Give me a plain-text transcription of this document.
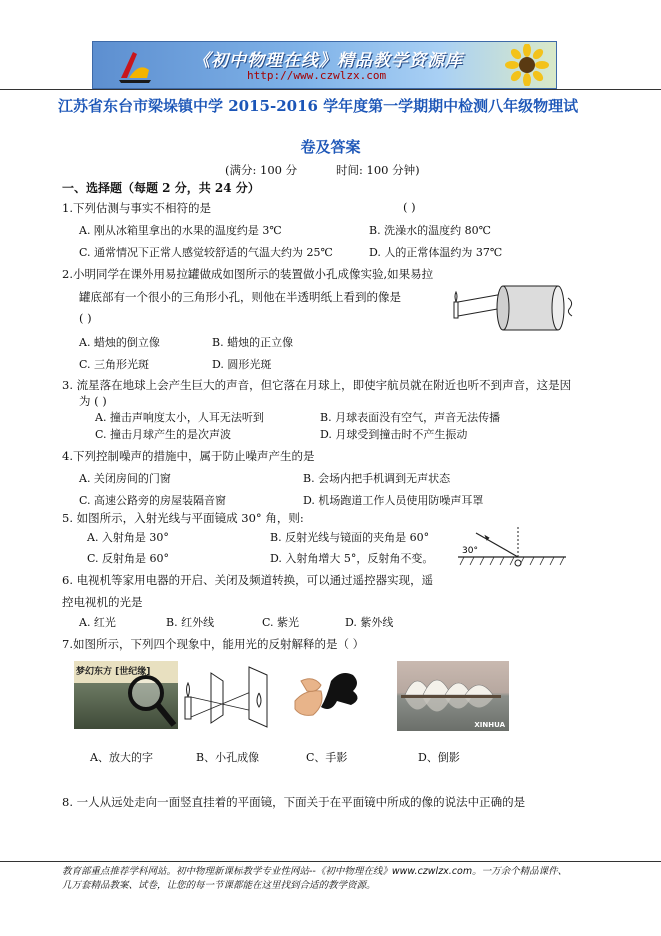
《初中物理在线》精品教学资源库
http://www.czwlzx.com
江苏省东台市梁垛镇中学 2015-2016 学年度第一学期期中检测八年级物理试
卷及答案
(满分: 100 分	时间: 100 分钟)
一、选择题（每题 2 分，共 24 分）
1.下列估测与事实不相符的是	( )
A. 刚从冰箱里拿出的水果的温度约是 3℃	B. 洗澡水的温度约 80℃
C. 通常情况下正常人感觉较舒适的气温大约为 25℃	D. 人的正常体温约为 37℃
2.小明同学在课外用易拉罐做成如图所示的装置做小孔成像实验,如果易拉
罐底部有一个很小的三角形小孔，则他在半透明纸上看到的像是
( )
A. 蜡烛的倒立像	B. 蜡烛的正立像
C. 三角形光斑	D. 圆形光斑
3. 流星落在地球上会产生巨大的声音，但它落在月球上，即使宇航员就在附近也听不到声音，这是因
为 ( )
A. 撞击声响度太小，人耳无法听到	B. 月球表面没有空气，声音无法传播
C. 撞击月球产生的是次声波	D. 月球受到撞击时不产生振动
4.下列控制噪声的措施中，属于防止噪声产生的是
A. 关闭房间的门窗	B. 会场内把手机调到无声状态
C. 高速公路旁的房屋装隔音窗	D. 机场跑道工作人员使用防噪声耳罩
5. 如图所示，入射光线与平面镜成 30° 角，则:
A. 入射角是 30°	B. 反射光线与镜面的夹角是 60°
C. 反射角是 60°	D. 入射角增大 5°，反射角不变。
30°
6. 电视机等家用电器的开启、关闭及频道转换，可以通过遥控器实现，遥
控电视机的光是
A. 红光	B. 红外线	C. 紫光	D. 紫外线
7.如图所示，下列四个现象中，能用光的反射解释的是（ ）
梦幻东方 [世纪缘]
XINHUA
A、放大的字	B、小孔成像	C、手影	D、倒影
8. 一人从远处走向一面竖直挂着的平面镜，下面关于在平面镜中所成的像的说法中正确的是
教育部重点推荐学科网站。初中物理新课标教学专业性网站--《初中物理在线》www.czwlzx.com。一万余个精品课件、
几万套精品教案、试卷，让您的每一节课都能在这里找到合适的教学资源。
